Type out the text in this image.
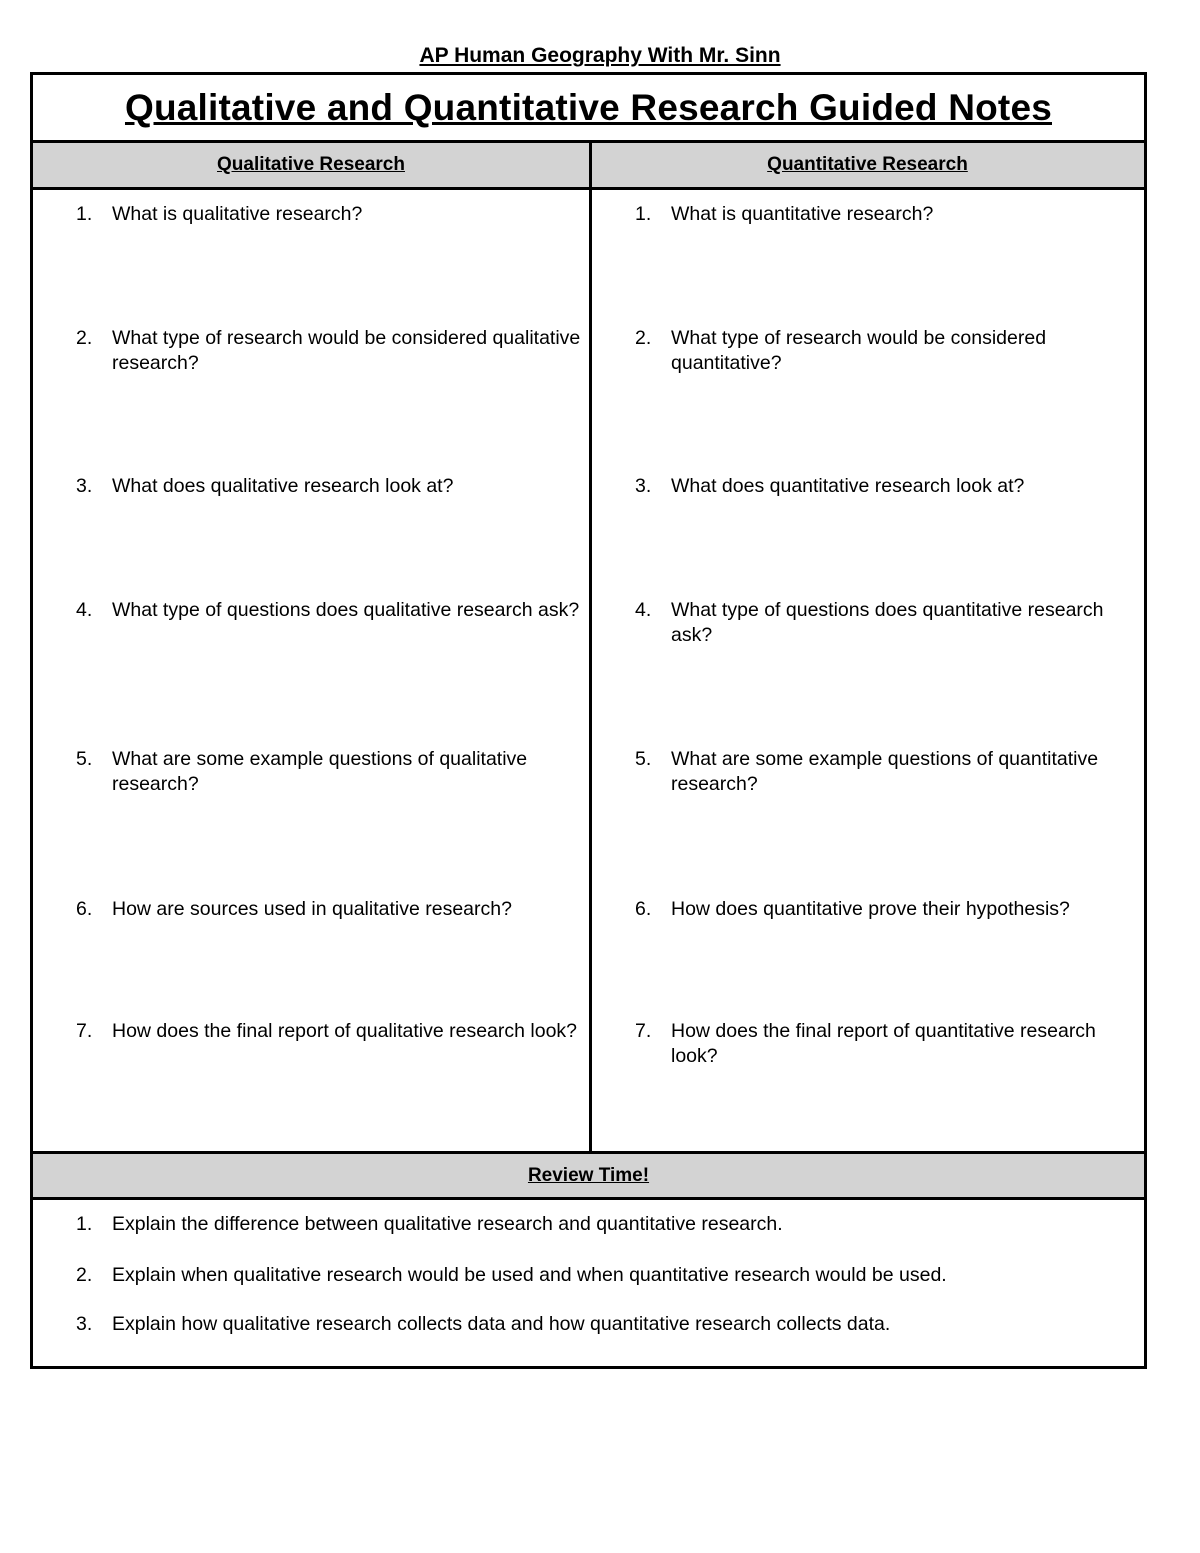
AP Human Geography With Mr. Sinn
Qualitative and Quantitative Research Guided Notes
Qualitative Research	Quantitative Research
1.	What is qualitative research?
2.	What type of research would be considered qualitative research?
3.	What does qualitative research look at?
4.	What type of questions does qualitative research ask?
5.	What are some example questions of qualitative research?
6.	How are sources used in qualitative research?
7.	How does the final report of qualitative research look?
1.	What is quantitative research?
2.	What type of research would be considered quantitative?
3.	What does quantitative research look at?
4.	What type of questions does quantitative research ask?
5.	What are some example questions of quantitative research?
6.	How does quantitative prove their hypothesis?
7.	How does the final report of quantitative research look?
Review Time!
1.	Explain the difference between qualitative research and quantitative research.
2.	Explain when qualitative research would be used and when quantitative research would be used.
3.	Explain how qualitative research collects data and how quantitative research collects data.
